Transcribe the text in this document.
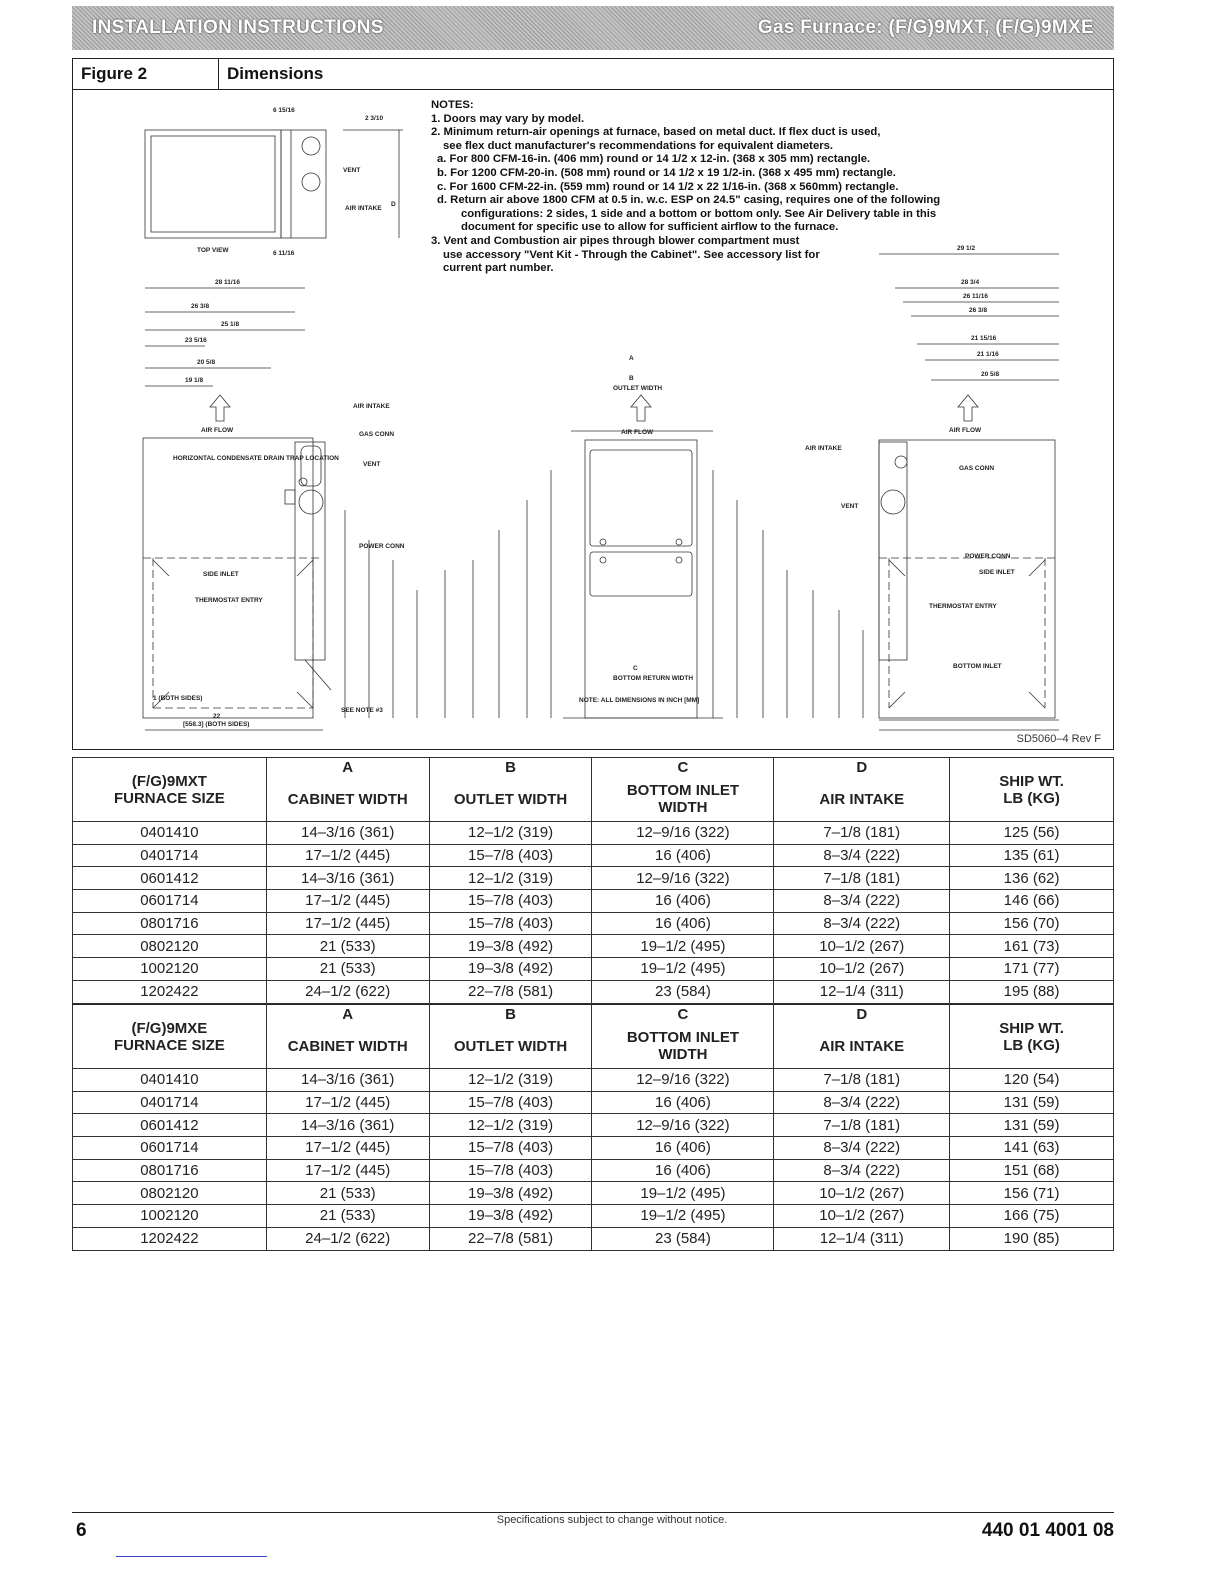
INSTALLATION INSTRUCTIONS	Gas Furnace: (F/G)9MXT, (F/G)9MXE
Figure 2	Dimensions
TOP VIEW
6 15/16
2 3/10
6 11/16
AIR INTAKE
VENT
28 11/16
26 3/8
25 1/8
23 5/16
20 5/8
19 1/8
AIR FLOW
HORIZONTAL CONDENSATE DRAIN TRAP LOCATION
SIDE INLET
THERMOSTAT ENTRY
AIR INTAKE
GAS CONN
VENT
POWER CONN
SEE NOTE #3
1 (BOTH SIDES)
22
[558.3] (BOTH SIDES)
A
B
OUTLET WIDTH
AIR FLOW
C
BOTTOM RETURN WIDTH
NOTE: ALL DIMENSIONS IN INCH [MM]
D
29 1/2
28 3/4
26 11/16
26 3/8
21 15/16
21 1/16
20 5/8
AIR FLOW
AIR INTAKE
GAS CONN
VENT
POWER CONN
SIDE INLET
THERMOSTAT ENTRY
BOTTOM INLET
NOTES:
1. Doors may vary by model.
2. Minimum return-air openings at furnace, based on metal duct. If flex duct is used,
see flex duct manufacturer's recommendations for equivalent diameters.
a. For 800 CFM-16-in. (406 mm) round or 14 1/2 x 12-in. (368 x 305 mm) rectangle.
b. For 1200 CFM-20-in. (508 mm) round or 14 1/2 x 19 1/2-in. (368 x 495 mm) rectangle.
c. For 1600 CFM-22-in. (559 mm) round or 14 1/2 x 22 1/16-in. (368 x 560mm) rectangle.
d. Return air above 1800 CFM at 0.5 in. w.c. ESP on 24.5" casing, requires one of the following
configurations: 2 sides, 1 side and a bottom or bottom only. See Air Delivery table in this
document for specific use to allow for sufficient airflow to the furnace.
3. Vent and Combustion air pipes through blower compartment must
use accessory "Vent Kit - Through the Cabinet". See accessory list for
current part number.
SD5060–4 Rev F
(F/G)9MXT
FURNACE SIZE	A	B	C	D	SHIP WT.
LB (KG)
	CABINET WIDTH	OUTLET WIDTH	BOTTOM INLET WIDTH	AIR INTAKE	
0401410	14–3/16 (361)	12–1/2 (319)	12–9/16 (322)	7–1/8 (181)	125 (56)
0401714	17–1/2 (445)	15–7/8 (403)	16 (406)	8–3/4 (222)	135 (61)
0601412	14–3/16 (361)	12–1/2 (319)	12–9/16 (322)	7–1/8 (181)	136 (62)
0601714	17–1/2 (445)	15–7/8 (403)	16 (406)	8–3/4 (222)	146 (66)
0801716	17–1/2 (445)	15–7/8 (403)	16 (406)	8–3/4 (222)	156 (70)
0802120	21 (533)	19–3/8 (492)	19–1/2 (495)	10–1/2 (267)	161 (73)
1002120	21 (533)	19–3/8 (492)	19–1/2 (495)	10–1/2 (267)	171 (77)
1202422	24–1/2 (622)	22–7/8 (581)	23 (584)	12–1/4 (311)	195 (88)
(F/G)9MXE
FURNACE SIZE	A	B	C	D	SHIP WT.
LB (KG)
	CABINET WIDTH	OUTLET WIDTH	BOTTOM INLET WIDTH	AIR INTAKE	
0401410	14–3/16 (361)	12–1/2 (319)	12–9/16 (322)	7–1/8 (181)	120 (54)
0401714	17–1/2 (445)	15–7/8 (403)	16 (406)	8–3/4 (222)	131 (59)
0601412	14–3/16 (361)	12–1/2 (319)	12–9/16 (322)	7–1/8 (181)	131 (59)
0601714	17–1/2 (445)	15–7/8 (403)	16 (406)	8–3/4 (222)	141 (63)
0801716	17–1/2 (445)	15–7/8 (403)	16 (406)	8–3/4 (222)	151 (68)
0802120	21 (533)	19–3/8 (492)	19–1/2 (495)	10–1/2 (267)	156 (71)
1002120	21 (533)	19–3/8 (492)	19–1/2 (495)	10–1/2 (267)	166 (75)
1202422	24–1/2 (622)	22–7/8 (581)	23 (584)	12–1/4 (311)	190 (85)
6	Specifications subject to change without notice.	440 01 4001 08
